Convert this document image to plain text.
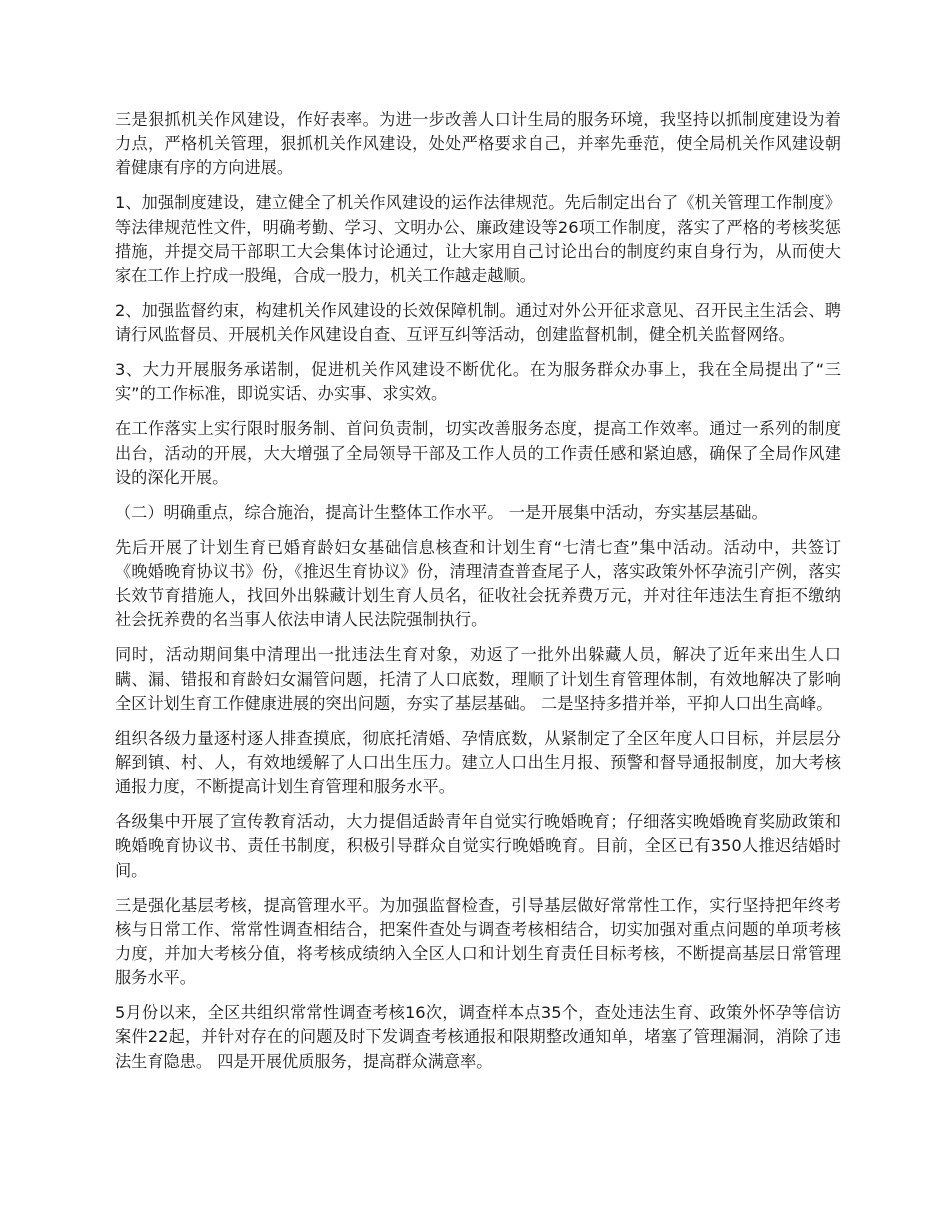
三是狠抓机关作风建设，作好表率。为进一步改善人口计生局的服务环境，我坚持以抓制度建设为着力点，严格机关管理，狠抓机关作风建设，处处严格要求自己，并率先垂范，使全局机关作风建设朝着健康有序的方向进展。

1、加强制度建设，建立健全了机关作风建设的运作法律规范。先后制定出台了《机关管理工作制度》等法律规范性文件，明确考勤、学习、文明办公、廉政建设等26项工作制度，落实了严格的考核奖惩措施，并提交局干部职工大会集体讨论通过，让大家用自己讨论出台的制度约束自身行为，从而使大家在工作上拧成一股绳，合成一股力，机关工作越走越顺。

2、加强监督约束，构建机关作风建设的长效保障机制。通过对外公开征求意见、召开民主生活会、聘请行风监督员、开展机关作风建设自查、互评互纠等活动，创建监督机制，健全机关监督网络。

3、大力开展服务承诺制，促进机关作风建设不断优化。在为服务群众办事上，我在全局提出了“三实”的工作标准，即说实话、办实事、求实效。

在工作落实上实行限时服务制、首问负责制，切实改善服务态度，提高工作效率。通过一系列的制度出台，活动的开展，大大增强了全局领导干部及工作人员的工作责任感和紧迫感，确保了全局作风建设的深化开展。

（二）明确重点，综合施治，提高计生整体工作水平。 一是开展集中活动，夯实基层基础。

先后开展了计划生育已婚育龄妇女基础信息核查和计划生育“七清七查”集中活动。活动中，共签订《晚婚晚育协议书》份，《推迟生育协议》份，清理清查普查尾子人，落实政策外怀孕流引产例，落实长效节育措施人，找回外出躲藏计划生育人员名，征收社会抚养费万元，并对往年违法生育拒不缴纳社会抚养费的名当事人依法申请人民法院强制执行。

同时，活动期间集中清理出一批违法生育对象，劝返了一批外出躲藏人员，解决了近年来出生人口瞒、漏、错报和育龄妇女漏管问题，托清了人口底数，理顺了计划生育管理体制，有效地解决了影响全区计划生育工作健康进展的突出问题，夯实了基层基础。 二是坚持多措并举，平抑人口出生高峰。

组织各级力量逐村逐人排查摸底，彻底托清婚、孕情底数，从紧制定了全区年度人口目标，并层层分解到镇、村、人，有效地缓解了人口出生压力。建立人口出生月报、预警和督导通报制度，加大考核通报力度，不断提高计划生育管理和服务水平。

各级集中开展了宣传教育活动，大力提倡适龄青年自觉实行晚婚晚育；仔细落实晚婚晚育奖励政策和晚婚晚育协议书、责任书制度，积极引导群众自觉实行晚婚晚育。目前，全区已有350人推迟结婚时间。

三是强化基层考核，提高管理水平。为加强监督检查，引导基层做好常常性工作，实行坚持把年终考核与日常工作、常常性调查相结合，把案件查处与调查考核相结合，切实加强对重点问题的单项考核力度，并加大考核分值，将考核成绩纳入全区人口和计划生育责任目标考核，不断提高基层日常管理服务水平。

5月份以来，全区共组织常常性调查考核16次，调查样本点35个，查处违法生育、政策外怀孕等信访案件22起，并针对存在的问题及时下发调查考核通报和限期整改通知单，堵塞了管理漏洞，消除了违法生育隐患。 四是开展优质服务，提高群众满意率。
